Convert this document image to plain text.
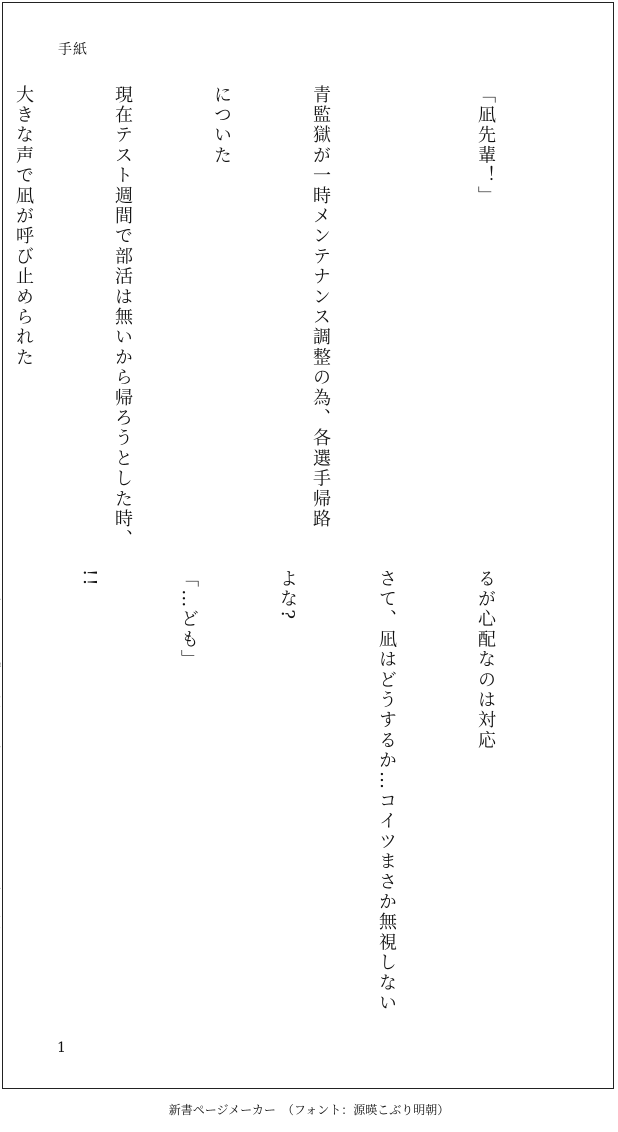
手紙

「凪先輩！」

青監獄が一時メンテナンス調整の為、各選手帰路

についた

現在テスト週間で部活は無いから帰ろうとした時、

大きな声で凪が呼び止められた

るが心配なのは対応

さて、凪はどうするか…コイツまさか無視しない

よな?

「…ども」

!!

1
新書ページメーカー　（フォント：源暎こぶり明朝）
